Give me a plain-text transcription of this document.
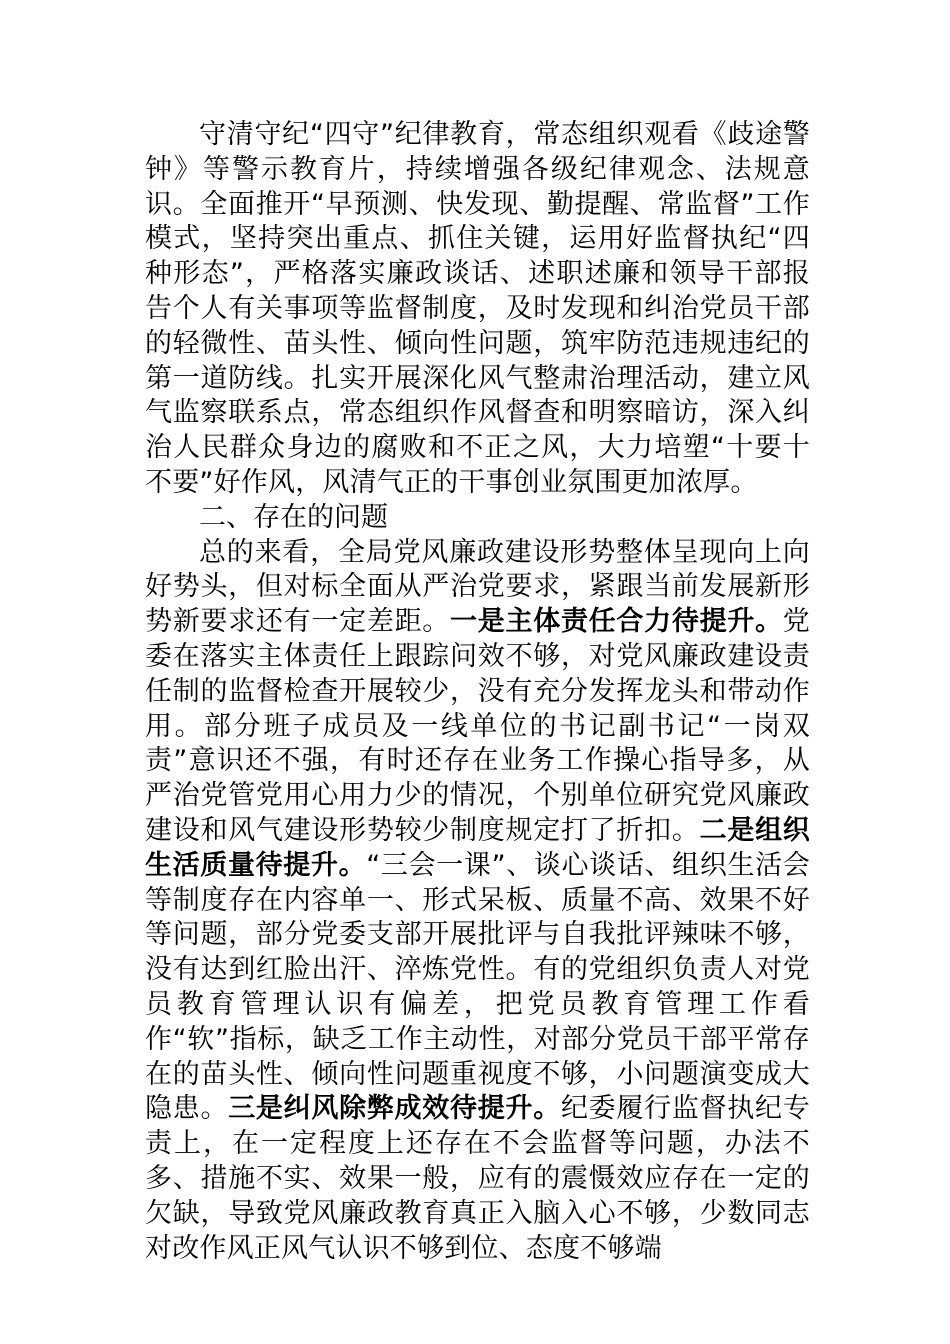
守清守纪“四守”纪律教育，常态组织观看《歧途警钟》等警示教育片，持续增强各级纪律观念、法规意识。全面推开“早预测、快发现、勤提醒、常监督”工作模式，坚持突出重点、抓住关键，运用好监督执纪“四种形态”，严格落实廉政谈话、述职述廉和领导干部报告个人有关事项等监督制度，及时发现和纠治党员干部的轻微性、苗头性、倾向性问题，筑牢防范违规违纪的第一道防线。扎实开展深化风气整肃治理活动，建立风气监察联系点，常态组织作风督查和明察暗访，深入纠治人民群众身边的腐败和不正之风，大力培塑“十要十不要”好作风，风清气正的干事创业氛围更加浓厚。

二、存在的问题

总的来看，全局党风廉政建设形势整体呈现向上向好势头，但对标全面从严治党要求，紧跟当前发展新形势新要求还有一定差距。一是主体责任合力待提升。党委在落实主体责任上跟踪问效不够，对党风廉政建设责任制的监督检查开展较少，没有充分发挥龙头和带动作用。部分班子成员及一线单位的书记副书记“一岗双责”意识还不强，有时还存在业务工作操心指导多，从严治党管党用心用力少的情况，个别单位研究党风廉政建设和风气建设形势较少制度规定打了折扣。二是组织生活质量待提升。“三会一课”、谈心谈话、组织生活会等制度存在内容单一、形式呆板、质量不高、效果不好等问题，部分党委支部开展批评与自我批评辣味不够，没有达到红脸出汗、淬炼党性。有的党组织负责人对党员教育管理认识有偏差，把党员教育管理工作看作“软”指标，缺乏工作主动性，对部分党员干部平常存在的苗头性、倾向性问题重视度不够，小问题演变成大隐患。三是纠风除弊成效待提升。纪委履行监督执纪专责上，在一定程度上还存在不会监督等问题，办法不多、措施不实、效果一般，应有的震慑效应存在一定的欠缺，导致党风廉政教育真正入脑入心不够，少数同志对改作风正风气认识不够到位、态度不够端
